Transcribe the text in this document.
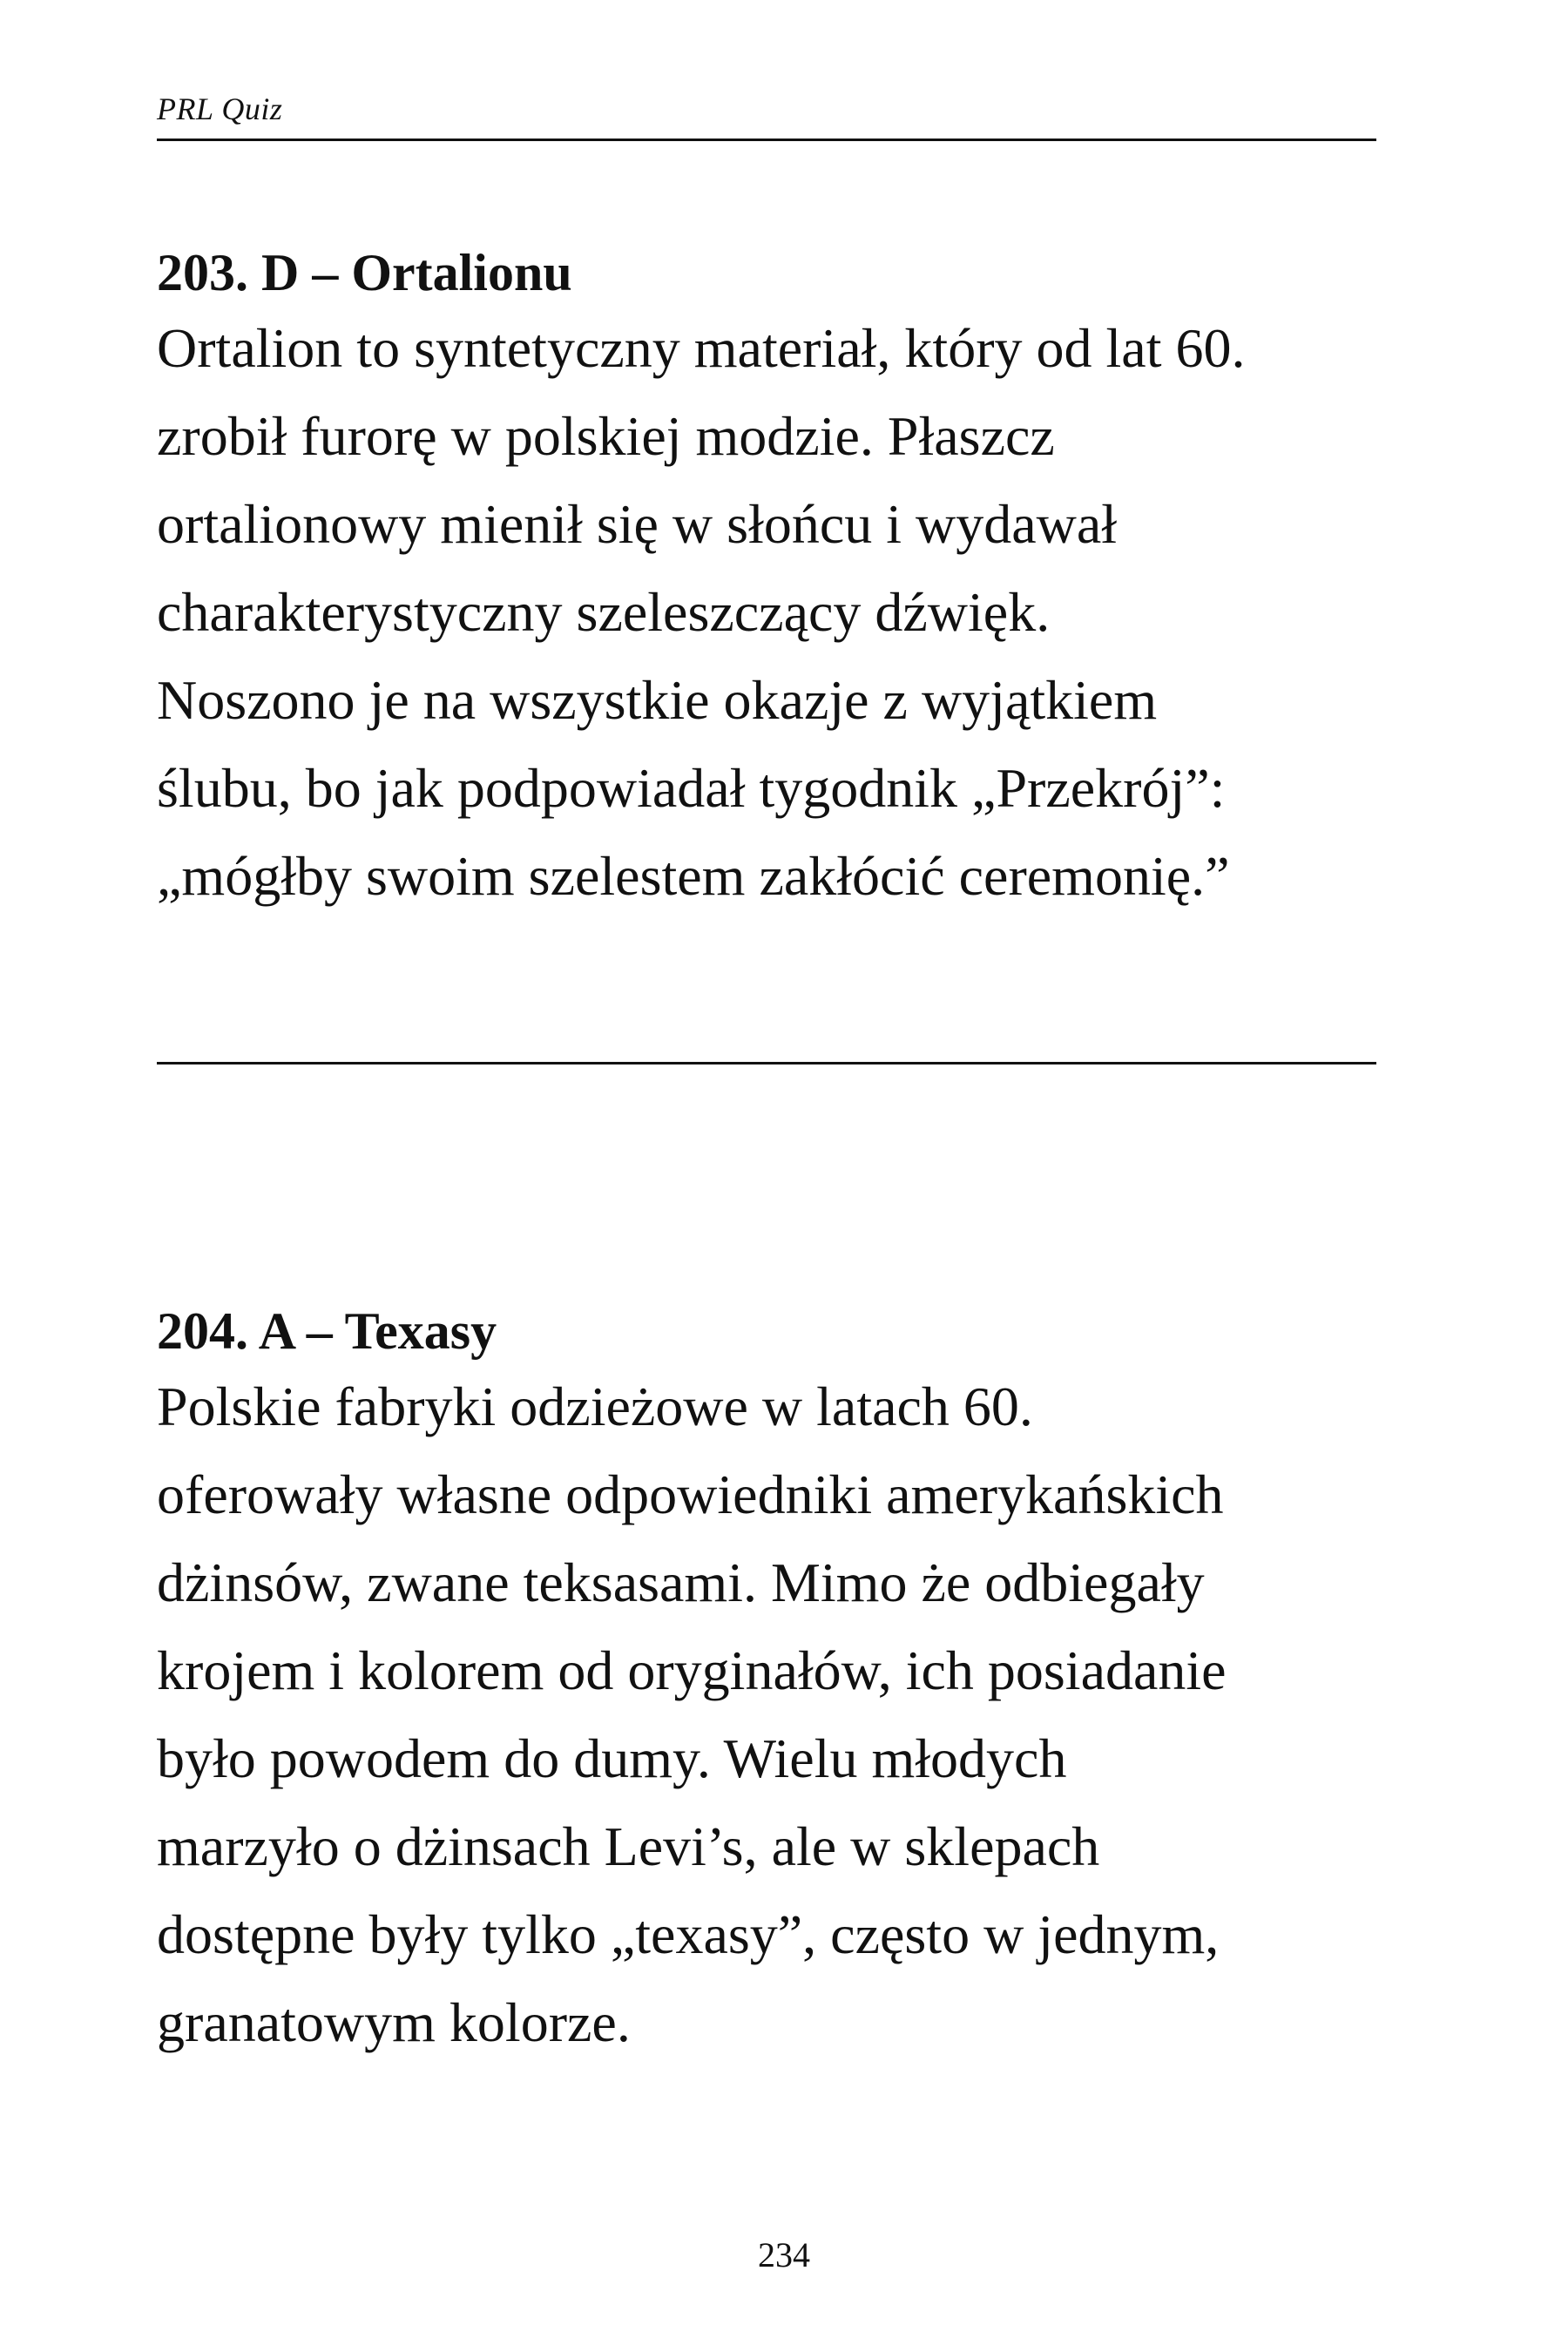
PRL Quiz
203. D – Ortalionu

Ortalion to syntetyczny materiał, który od lat 60.
zrobił furorę w polskiej modzie. Płaszcz
ortalionowy mienił się w słońcu i wydawał
charakterystyczny szeleszczący dźwięk.
Noszono je na wszystkie okazje z wyjątkiem
ślubu, bo jak podpowiadał tygodnik „Przekrój”:
„mógłby swoim szelestem zakłócić ceremonię.”

204. A – Texasy

Polskie fabryki odzieżowe w latach 60.
oferowały własne odpowiedniki amerykańskich
dżinsów, zwane teksasami. Mimo że odbiegały
krojem i kolorem od oryginałów, ich posiadanie
było powodem do dumy. Wielu młodych
marzyło o dżinsach Levi’s, ale w sklepach
dostępne były tylko „texasy”, często w jednym,
granatowym kolorze.

234
